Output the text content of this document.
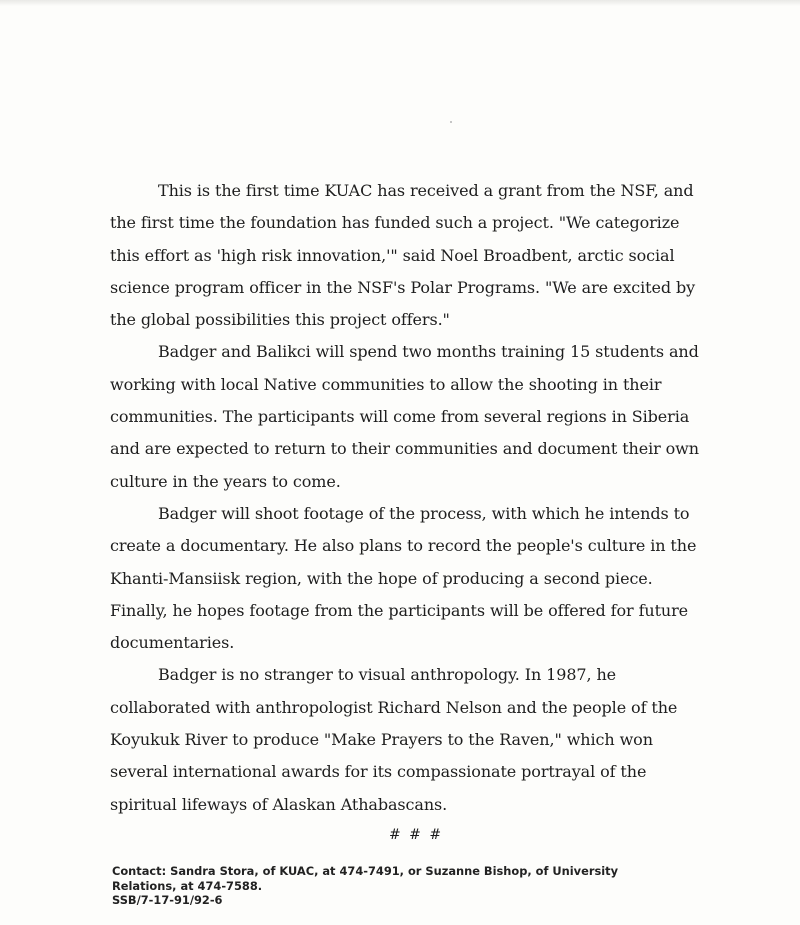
This is the first time KUAC has received a grant from the NSF, and the first time the foundation has funded such a project. "We categorize this effort as 'high risk innovation,'" said Noel Broadbent, arctic social science program officer in the NSF's Polar Programs. "We are excited by the global possibilities this project offers."

Badger and Balikci will spend two months training 15 students and working with local Native communities to allow the shooting in their communities. The participants will come from several regions in Siberia and are expected to return to their communities and document their own culture in the years to come.

Badger will shoot footage of the process, with which he intends to create a documentary. He also plans to record the people's culture in the Khanti-Mansiisk region, with the hope of producing a second piece. Finally, he hopes footage from the participants will be offered for future documentaries.

Badger is no stranger to visual anthropology. In 1987, he collaborated with anthropologist Richard Nelson and the people of the Koyukuk River to produce "Make Prayers to the Raven," which won several international awards for its compassionate portrayal of the spiritual lifeways of Alaskan Athabascans.

# # #
Contact: Sandra Stora, of KUAC, at 474-7491, or Suzanne Bishop, of University
Relations, at 474-7588.
SSB/7-17-91/92-6
